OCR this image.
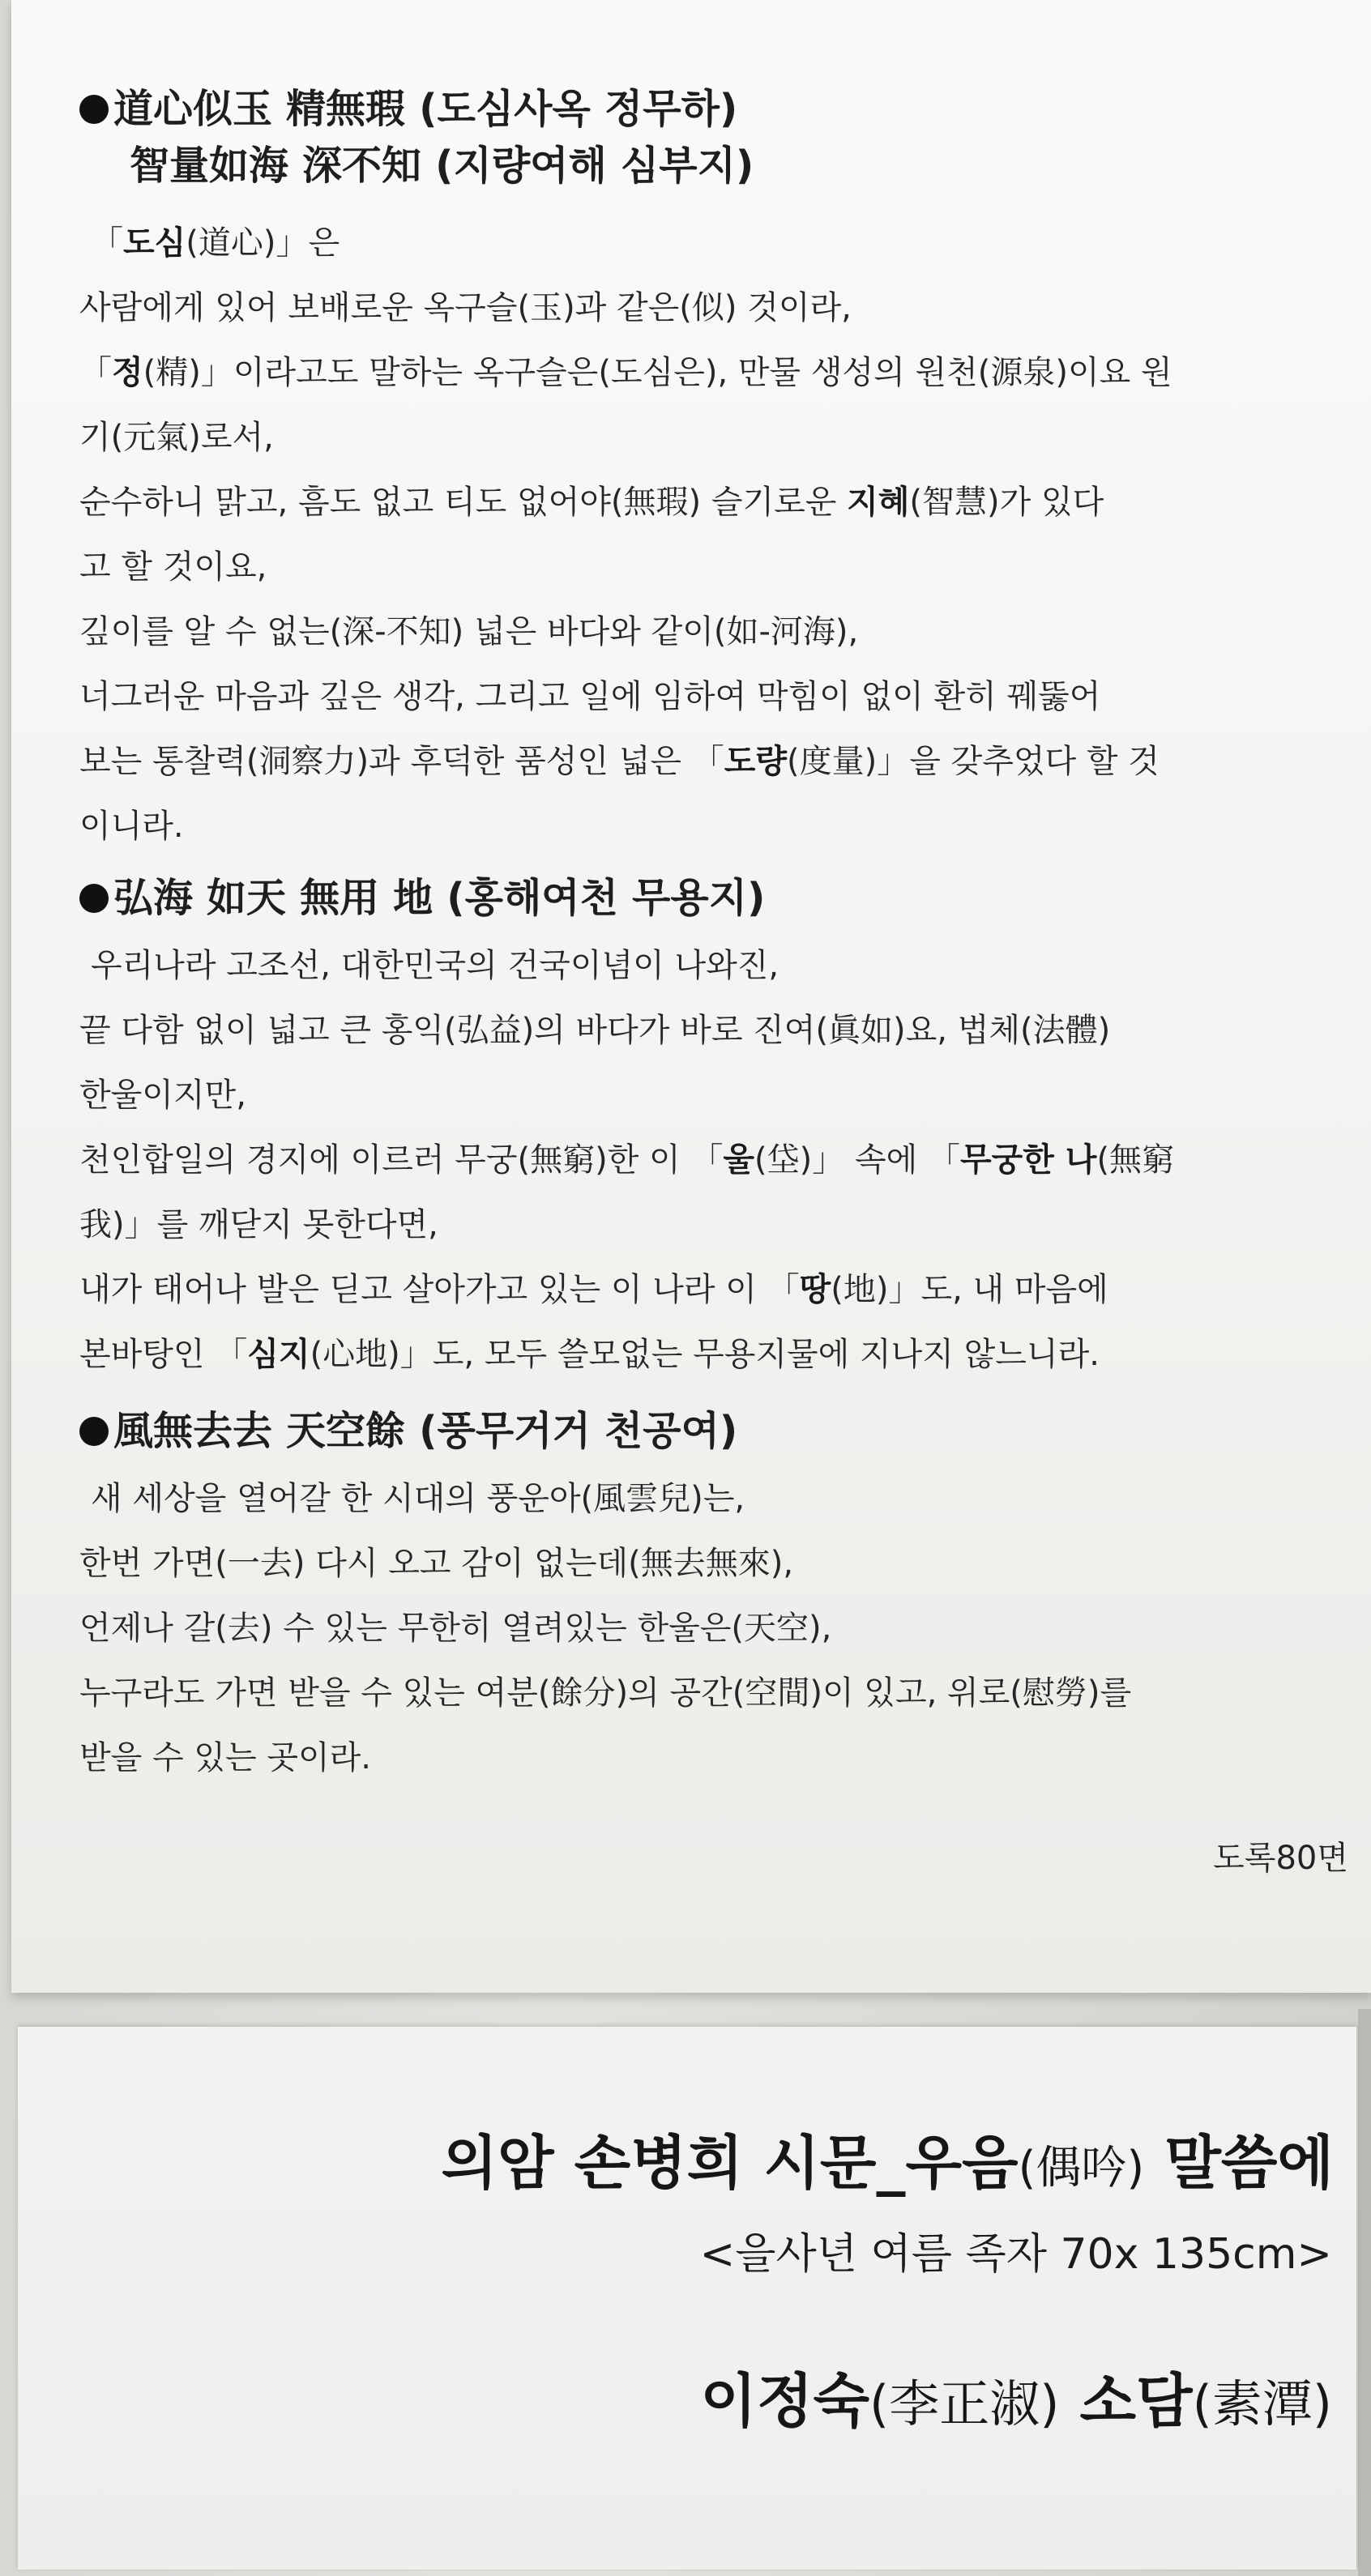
道心似玉 精無瑕 (도심사옥 정무하)

智量如海 深不知 (지량여해 심부지)

「도심(道心)」은

사람에게 있어 보배로운 옥구슬(玉)과 같은(似) 것이라,

「정(精)」이라고도 말하는 옥구슬은(도심은), 만물 생성의 원천(源泉)이요 원

기(元氣)로서,

순수하니 맑고, 흠도 없고 티도 없어야(無瑕) 슬기로운 지혜(智慧)가 있다

고 할 것이요,

깊이를 알 수 없는(深-不知) 넓은 바다와 같이(如-河海),

너그러운 마음과 깊은 생각, 그리고 일에 임하여 막힘이 없이 환히 꿰뚫어

보는 통찰력(洞察力)과 후덕한 품성인 넓은 「도량(度量)」을 갖추었다 할 것

이니라.

弘海 如天 無用 地 (홍해여천 무용지)

우리나라 고조선, 대한민국의 건국이념이 나와진,

끝 다함 없이 넓고 큰 홍익(弘益)의 바다가 바로 진여(眞如)요, 법체(法體)

한울이지만,

천인합일의 경지에 이르러 무궁(無窮)한 이 「울(垈)」 속에 「무궁한 나(無窮

我)」를 깨닫지 못한다면,

내가 태어나 발은 딛고 살아가고 있는 이 나라 이 「땅(地)」도, 내 마음에

본바탕인 「심지(心地)」도, 모두 쓸모없는 무용지물에 지나지 않느니라.

風無去去 天空餘 (풍무거거 천공여)

새 세상을 열어갈 한 시대의 풍운아(風雲兒)는,

한번 가면(一去) 다시 오고 감이 없는데(無去無來),

언제나 갈(去) 수 있는 무한히 열려있는 한울은(天空),

누구라도 가면 받을 수 있는 여분(餘分)의 공간(空間)이 있고, 위로(慰勞)를

받을 수 있는 곳이라.

도록80면
의암 손병희 시문_우음(偶吟) 말씀에
<을사년 여름 족자 70x 135cm>
이정숙(李正淑) 소담(素潭)
